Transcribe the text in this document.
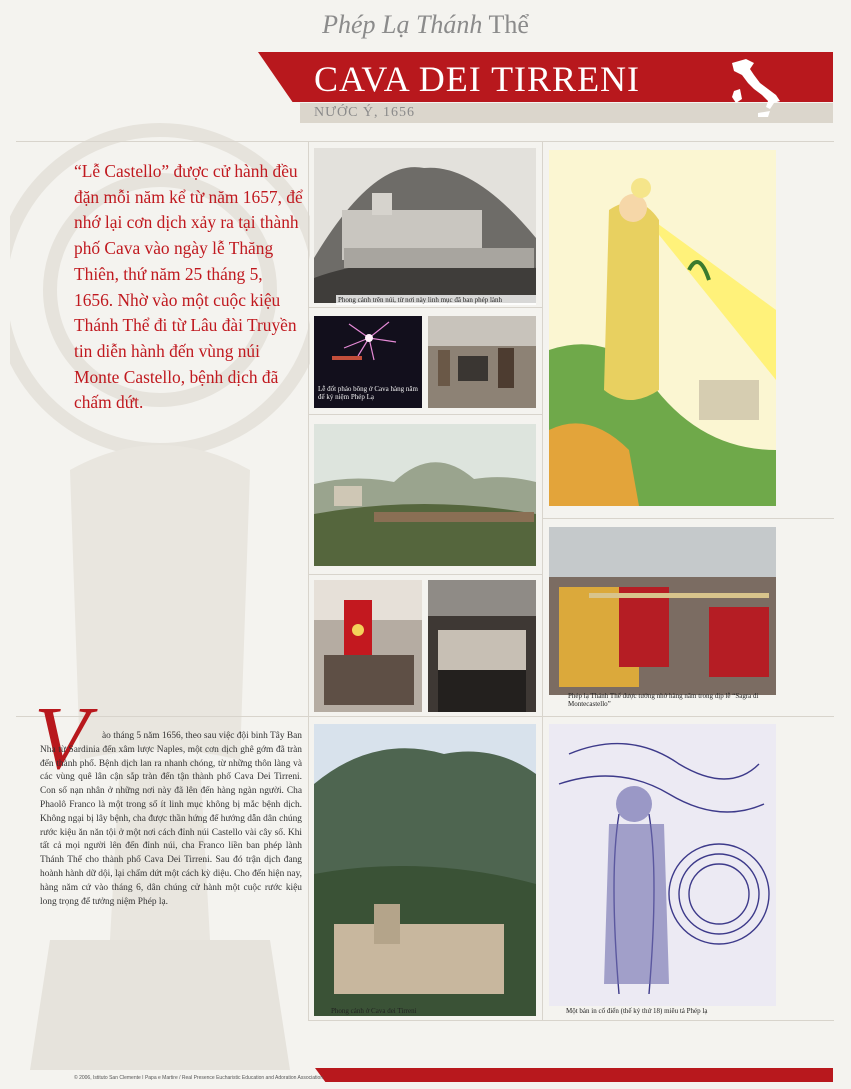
Phép Lạ Thánh Thể
CAVA DEI TIRRENI
NƯỚC Ý, 1656
“Lễ Castello” được cử hành đều đặn mỗi năm kể từ năm 1657, để nhớ lại cơn dịch xảy ra tại thành phố Cava vào ngày lễ Thăng Thiên, thứ năm 25 tháng 5, 1656. Nhờ vào một cuộc kiệu Thánh Thể đi từ Lâu đài Truyền tin diễn hành đến vùng núi Monte Castello, bệnh dịch đã chấm dứt.
Phong cảnh trên núi, từ nơi này linh mục đã ban phép lành
Lễ đốt pháo bông ở Cava hàng năm để kỷ niệm Phép Lạ
Phép lạ Thánh Thể được tưởng nhớ hàng năm trong dịp lễ “Sagra di Montecastello”
V	ào tháng 5 năm 1656, theo sau việc đội binh Tây Ban Nha từ Sardinia đến xâm lược Naples, một cơn dịch ghê gớm đã tràn đến thành phố. Bệnh dịch lan ra nhanh chóng, từ những thôn làng và các vùng quê lân cận sắp tràn đến tận thành phố Cava Dei Tirreni. Con số nạn nhân ở những nơi này đã lên đến hàng ngàn người. Cha Phaolô Franco là một trong số ít linh mục không bị mắc bệnh dịch. Không ngại bị lây bệnh, cha được thần hứng để hướng dẫn dân chúng rước kiệu ăn năn tội ở một nơi cách đỉnh núi Castello vài cây số. Khi tất cả mọi người lên đến đỉnh núi, cha Franco liền ban phép lành Thánh Thể cho thành phố Cava Dei Tirreni. Sau đó trận dịch đang hoành hành dữ dội, lại chấm dứt một cách kỳ diệu. Cho đến hiện nay, hàng năm cứ vào tháng 6, dân chúng cử hành một cuộc rước kiệu long trọng để tưởng niệm Phép lạ.
Phong cảnh ở Cava dei Tirreni	Một bản in cổ điển (thế kỷ thứ 18) miêu tả Phép lạ
© 2006, Istituto San Clemente I Papa e Martire / Real Presence Eucharistic Education and Adoration Association
